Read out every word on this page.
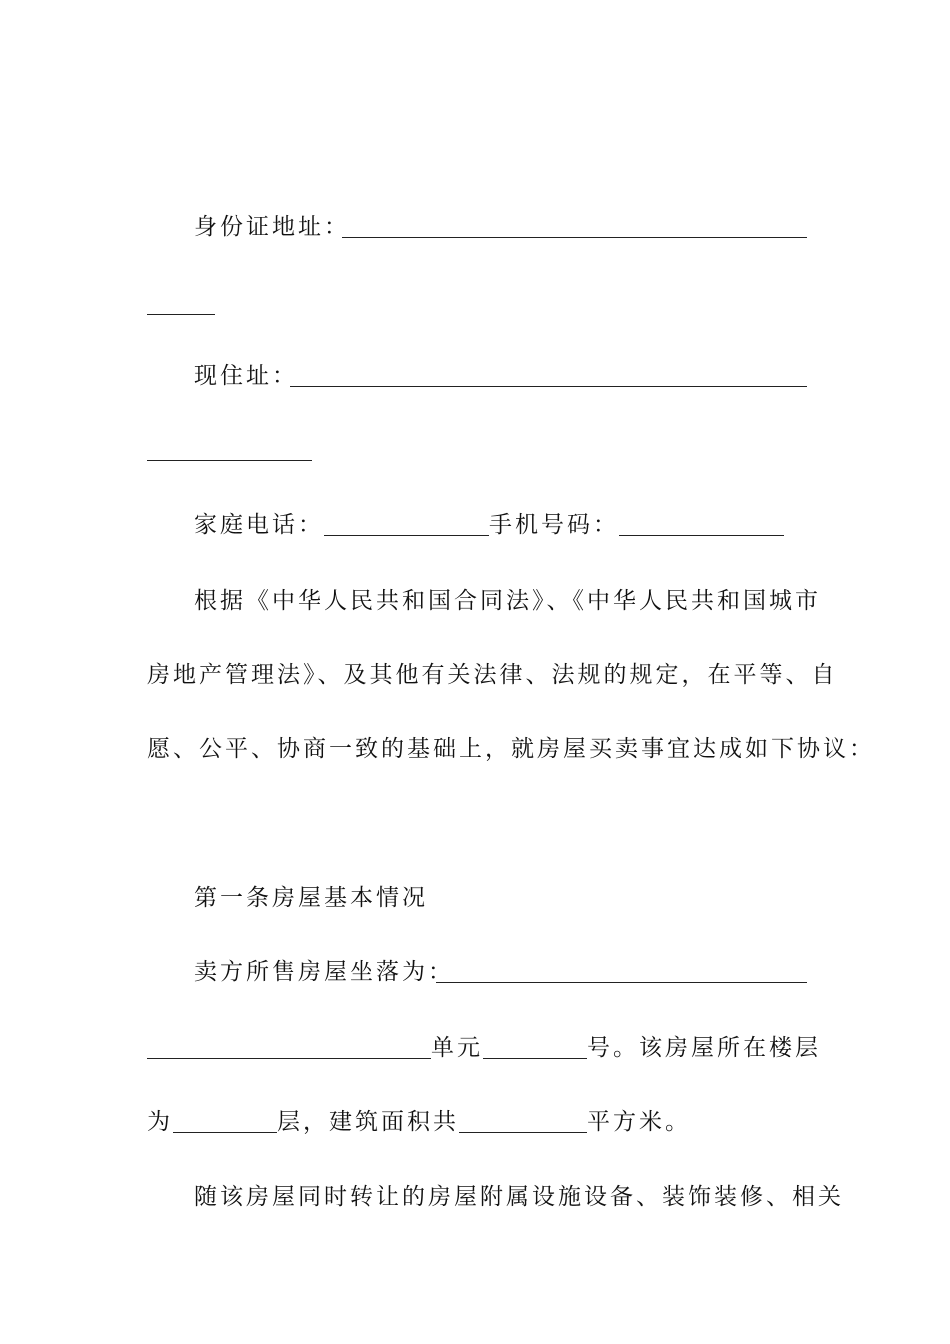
身份证地址：
现住址：
家庭电话：	手机号码：
根据《中华人民共和国合同法》、《中华人民共和国城市
房地产管理法》、及其他有关法律、法规的规定，在平等、自
愿、公平、协商一致的基础上，就房屋买卖事宜达成如下协议：
第一条房屋基本情况
卖方所售房屋坐落为：
单元	号。该房屋所在楼层
为	层，建筑面积共	平方米。
随该房屋同时转让的房屋附属设施设备、装饰装修、相关
